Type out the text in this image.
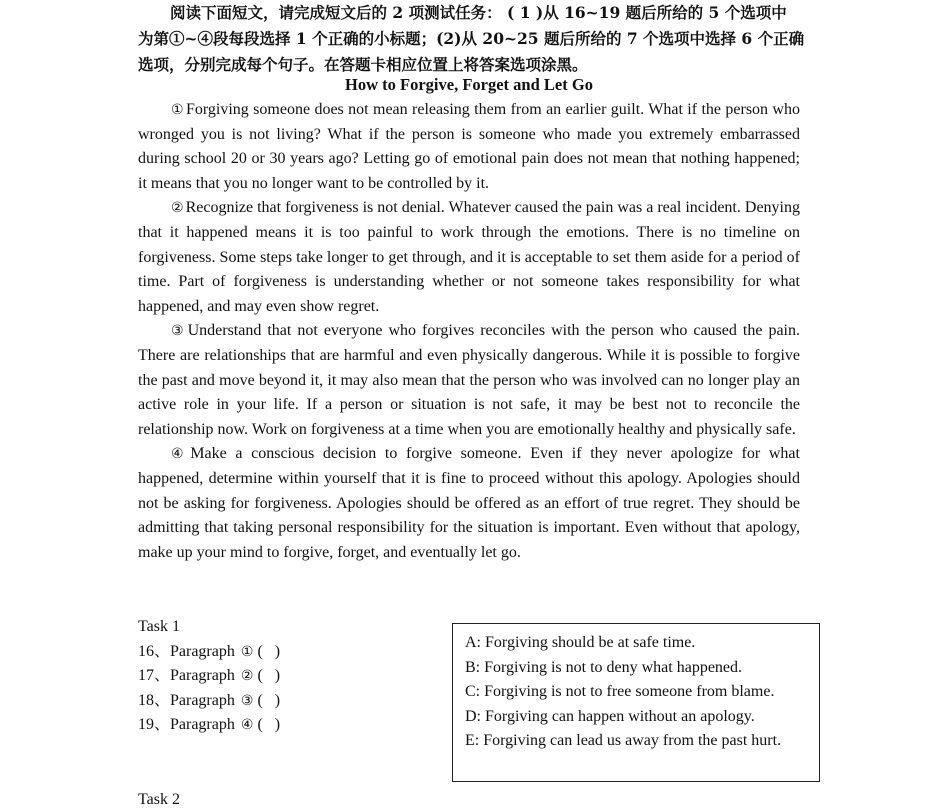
阅读下面短文，请完成短文后的 2 项测试任务： ( 1 )从 16~19 题后所给的 5 个选项中
为第①~④段每段选择 1 个正确的小标题；(2)从 20~25 题后所给的 7 个选项中选择 6 个正确
选项，分别完成每个句子。在答题卡相应位置上将答案选项涂黑。
How to Forgive, Forget and Let Go

① Forgiving someone does not mean releasing them from an earlier guilt. What if the person who wronged you is not living? What if the person is someone who made you extremely embarrassed during school 20 or 30 years ago? Letting go of emotional pain does not mean that nothing happened; it means that you no longer want to be controlled by it.

② Recognize that forgiveness is not denial. Whatever caused the pain was a real incident. Denying that it happened means it is too painful to work through the emotions. There is no timeline on forgiveness. Some steps take longer to get through, and it is acceptable to set them aside for a period of time. Part of forgiveness is understanding whether or not someone takes responsibility for what happened, and may even show regret.

③ Understand that not everyone who forgives reconciles with the person who caused the pain. There are relationships that are harmful and even physically dangerous. While it is possible to forgive the past and move beyond it, it may also mean that the person who was involved can no longer play an active role in your life. If a person or situation is not safe, it may be best not to reconcile the relationship now. Work on forgiveness at a time when you are emotionally healthy and physically safe.

④ Make a conscious decision to forgive someone. Even if they never apologize for what happened, determine within yourself that it is fine to proceed without this apology. Apologies should not be asking for forgiveness. Apologies should be offered as an effort of true regret. They should be admitting that taking personal responsibility for the situation is important. Even without that apology, make up your mind to forgive, forget, and eventually let go.

Task 1
16、Paragraph ① ( )
17、Paragraph ② ( )
18、Paragraph ③ ( )
19、Paragraph ④ ( )
A: Forgiving should be at safe time.
B: Forgiving is not to deny what happened.
C: Forgiving is not to free someone from blame.
D: Forgiving can happen without an apology.
E: Forgiving can lead us away from the past hurt.
Task 2
